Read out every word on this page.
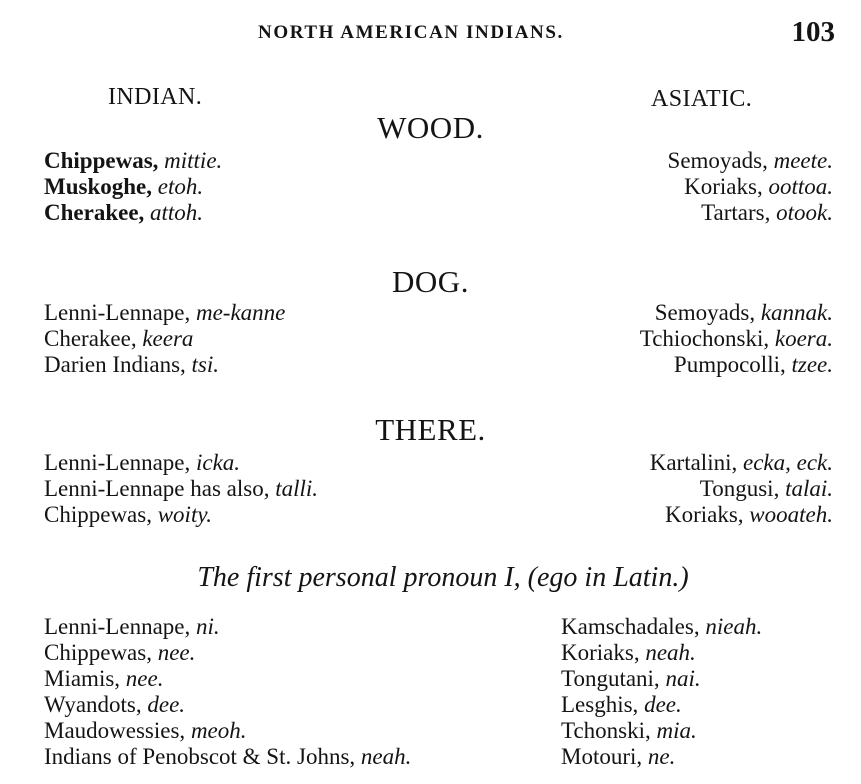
NORTH AMERICAN INDIANS.	103
INDIAN.	ASIATIC.
WOOD.
Chippewas, mittie.
Muskoghe, etoh.
Cherakee, attoh.
Semoyads, meete.
Koriaks, oottoa.
Tartars, otook.
DOG.
Lenni-Lennape, me-kanne
Cherakee, keera
Darien Indians, tsi.
Semoyads, kannak.
Tchiochonski, koera.
Pumpocolli, tzee.
THERE.
Lenni-Lennape, icka.
Lenni-Lennape has also, talli.
Chippewas, woity.
Kartalini, ecka, eck.
Tongusi, talai.
Koriaks, wooateh.
The first personal pronoun I, (ego in Latin.)
Lenni-Lennape, ni.
Chippewas, nee.
Miamis, nee.
Wyandots, dee.
Maudowessies, meoh.
Indians of Penobscot & St. Johns, neah.
Kamschadales, nieah.
Koriaks, neah.
Tongutani, nai.
Lesghis, dee.
Tchonski, mia.
Motouri, ne.
